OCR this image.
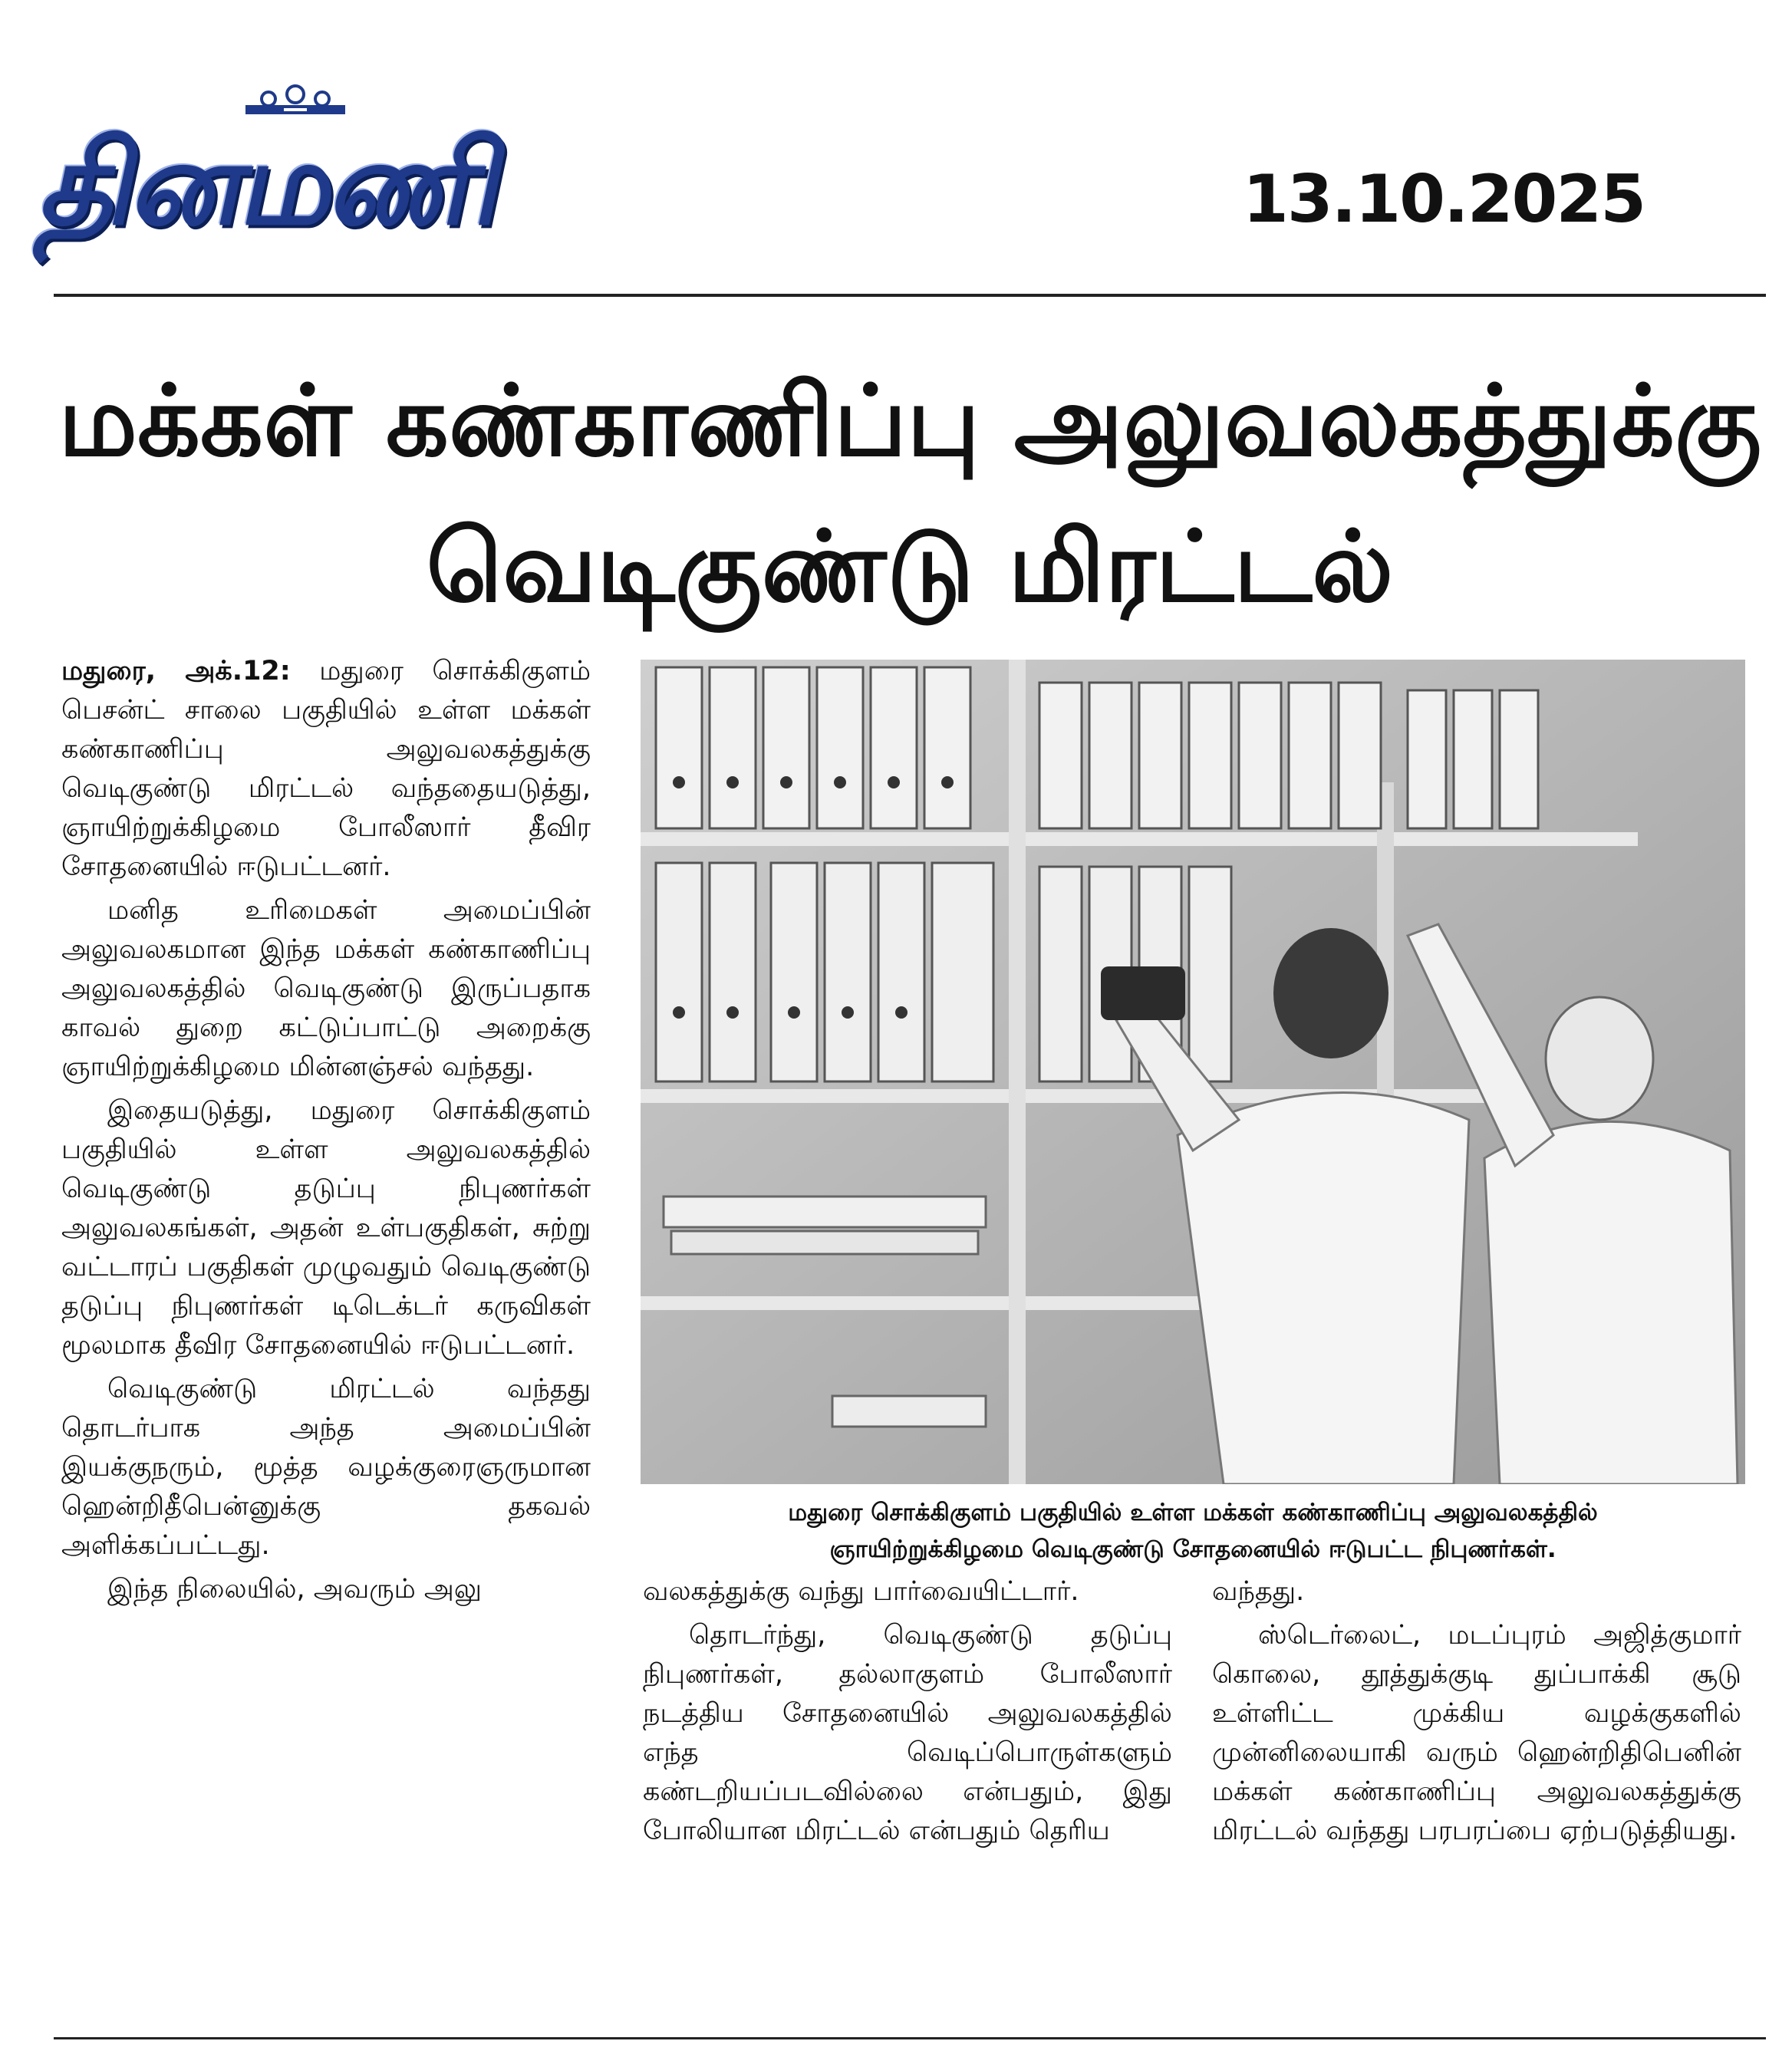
தினமணி	13.10.2025
மக்கள் கண்காணிப்பு அலுவலகத்துக்கு
வெடிகுண்டு மிரட்டல்

மதுரை, அக்.12: மதுரை சொக்கிகுளம் பெசன்ட் சாலை பகுதியில் உள்ள மக்கள் கண்காணிப்பு அலுவலகத்துக்கு வெடிகுண்டு மிரட்டல் வந்ததையடுத்து, ஞாயிற்றுக்கிழமை போலீஸார் தீவிர சோதனையில் ஈடுபட்டனர்.

மனித உரிமைகள் அமைப்பின் அலுவலகமான இந்த மக்கள் கண்காணிப்பு அலுவலகத்தில் வெடிகுண்டு இருப்பதாக காவல் துறை கட்டுப்பாட்டு அறைக்கு ஞாயிற்றுக்கிழமை மின்னஞ்சல் வந்தது.

இதையடுத்து, மதுரை சொக்கிகுளம் பகுதியில் உள்ள அலுவலகத்தில் வெடிகுண்டு தடுப்பு நிபுணர்கள் அலுவலகங்கள், அதன் உள்பகுதிகள், சுற்று வட்டாரப் பகுதிகள் முழுவதும் வெடிகுண்டு தடுப்பு நிபுணர்கள் டிடெக்டர் கருவிகள் மூலமாக தீவிர சோதனையில் ஈடுபட்டனர்.

வெடிகுண்டு மிரட்டல் வந்தது தொடர்பாக அந்த அமைப்பின் இயக்குநரும், மூத்த வழக்குரைஞருமான ஹென்றிதீபென்னுக்கு தகவல் அளிக்கப்பட்டது.

இந்த நிலையில், அவரும் அலு

மதுரை சொக்கிகுளம் பகுதியில் உள்ள மக்கள் கண்காணிப்பு அலுவலகத்தில்
ஞாயிற்றுக்கிழமை வெடிகுண்டு சோதனையில் ஈடுபட்ட நிபுணர்கள்.

வலகத்துக்கு வந்து பார்வையிட்டார்.

தொடர்ந்து, வெடிகுண்டு தடுப்பு நிபுணர்கள், தல்லாகுளம் போலீஸார் நடத்திய சோதனையில் அலுவலகத்தில் எந்த வெடிப்பொருள்களும் கண்டறியப்படவில்லை என்பதும், இது போலியான மிரட்டல் என்பதும் தெரிய

வந்தது.

ஸ்டெர்லைட், மடப்புரம் அஜித்குமார் கொலை, தூத்துக்குடி துப்பாக்கி சூடு உள்ளிட்ட முக்கிய வழக்குகளில் முன்னிலையாகி வரும் ஹென்றிதிபெனின் மக்கள் கண்காணிப்பு அலுவலகத்துக்கு மிரட்டல் வந்தது பரபரப்பை ஏற்படுத்தியது.
